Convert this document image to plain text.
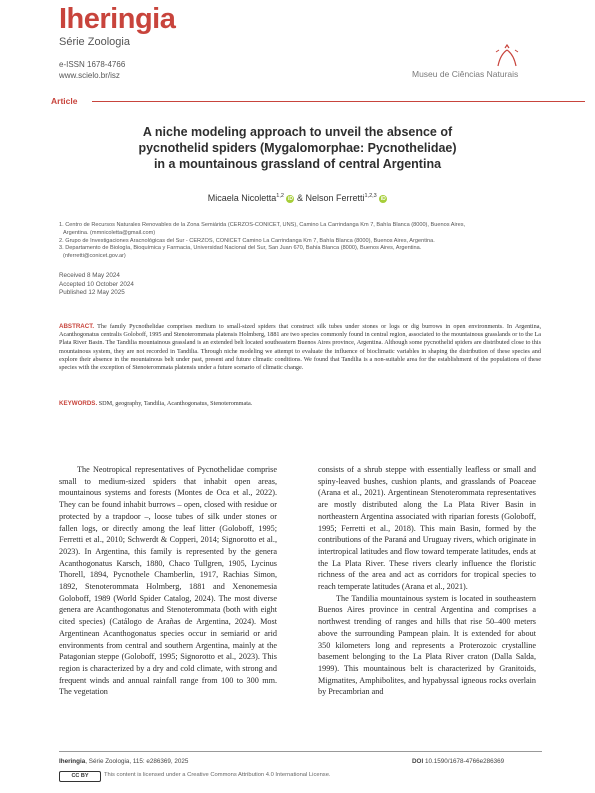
Iheringia
Série Zoologia
e-ISSN 1678-4766
www.scielo.br/isz	Museu de Ciências Naturais
Article
A niche modeling approach to unveil the absence of
pycnothelid spiders (Mygalomorphae: Pycnothelidae)
in a mountainous grassland of central Argentina
Micaela Nicoletta$^{1,2}$ iD & Nelson Ferretti$^{1,2,3}$ iD
1. Centro de Recursos Naturales Renovables de la Zona Semiárida (CERZOS-CONICET, UNS), Camino La Carrindanga Km 7, Bahía Blanca (8000), Buenos Aires,
Argentina. (mmnicoletta@gmail.com)
2. Grupo de Investigaciones Aracnológicas del Sur - CERZOS, CONICET Camino La Carrindanga Km 7, Bahía Blanca (8000), Buenos Aires, Argentina.
3. Departamento de Biología, Bioquímica y Farmacia, Universidad Nacional del Sur, San Juan 670, Bahía Blanca (8000), Buenos Aires, Argentina.
(nferretti@conicet.gov.ar)
Received 8 May 2024
Accepted 10 October 2024
Published 12 May 2025
ABSTRACT. The family Pycnothelidae comprises medium to small-sized spiders that construct silk tubes under stones or logs or dig burrows in open environments. In Argentina, Acanthogonatus centralis Goloboff, 1995 and Stenoterommata platensis Holmberg, 1881 are two species commonly found in central region, associated to the mountainous grasslands or to the La Plata River Basin. The Tandilia mountainous grassland is an extended belt located southeastern Buenos Aires province, Argentina. Although some pycnothelid spiders are distributed close to this mountainous system, they are not recorded in Tandilia. Through niche modeling we attempt to evaluate the influence of bioclimatic variables in shaping the distribution of these species and explore their absence in the mountainous belt under past, present and future climatic conditions. We found that Tandilia is a non-suitable area for the establishment of the populations of these species with the exception of Stenoterommata platensis under a future scenario of climatic change.
KEYWORDS. SDM, geography, Tandilia, Acanthogonatus, Stenoterommata.

The Neotropical representatives of Pycnothelidae comprise small to medium-sized spiders that inhabit open areas, mountainous systems and forests (Montes de Oca et al., 2022). They can be found inhabit burrows – open, closed with residue or protected by a trapdoor –, loose tubes of silk under stones or fallen logs, or directly among the leaf litter (Goloboff, 1995; Ferretti et al., 2010; Schwerdt & Copperi, 2014; Signorotto et al., 2023). In Argentina, this family is represented by the genera Acanthogonatus Karsch, 1880, Chaco Tullgren, 1905, Lycinus Thorell, 1894, Pycnothele Chamberlin, 1917, Rachias Simon, 1892, Stenoterommata Holmberg, 1881 and Xenonemesia Goloboff, 1989 (World Spider Catalog, 2024). The most diverse genera are Acanthogonatus and Stenoterommata (both with eight cited species) (Catálogo de Arañas de Argentina, 2024). Most Argentinean Acanthogonatus species occur in semiarid or arid environments from central and southern Argentina, mainly at the Patagonian steppe (Goloboff, 1995; Signorotto et al., 2023). This region is characterized by a dry and cold climate, with strong and frequent winds and annual rainfall range from 100 to 300 mm. The vegetation

consists of a shrub steppe with essentially leafless or small and spiny-leaved bushes, cushion plants, and grasslands of Poaceae (Arana et al., 2021). Argentinean Stenoterommata representatives are mostly distributed along the La Plata River Basin in northeastern Argentina associated with riparian forests (Goloboff, 1995; Ferretti et al., 2018). This main Basin, formed by the contributions of the Paraná and Uruguay rivers, which originate in intertropical latitudes and flow toward temperate latitudes, ends at the La Plata River. These rivers clearly influence the floristic richness of the area and act as corridors for tropical species to reach temperate latitudes (Arana et al., 2021).

The Tandilia mountainous system is located in southeastern Buenos Aires province in central Argentina and comprises a northwest trending of ranges and hills that rise 50–400 meters above the surrounding Pampean plain. It is extended for about 350 kilometers long and represents a Proterozoic crystalline basement belonging to the La Plata River craton (Dalla Salda, 1999). This mountainous belt is characterized by Granitoids, Migmatites, Amphibolites, and hypabyssal igneous rocks overlain by Precambrian and

Iheringia, Série Zoologia, 115: e286369, 2025	DOI 10.1590/1678-4766e286369
CC BY	This content is licensed under a Creative Commons Attribution 4.0 International License.
